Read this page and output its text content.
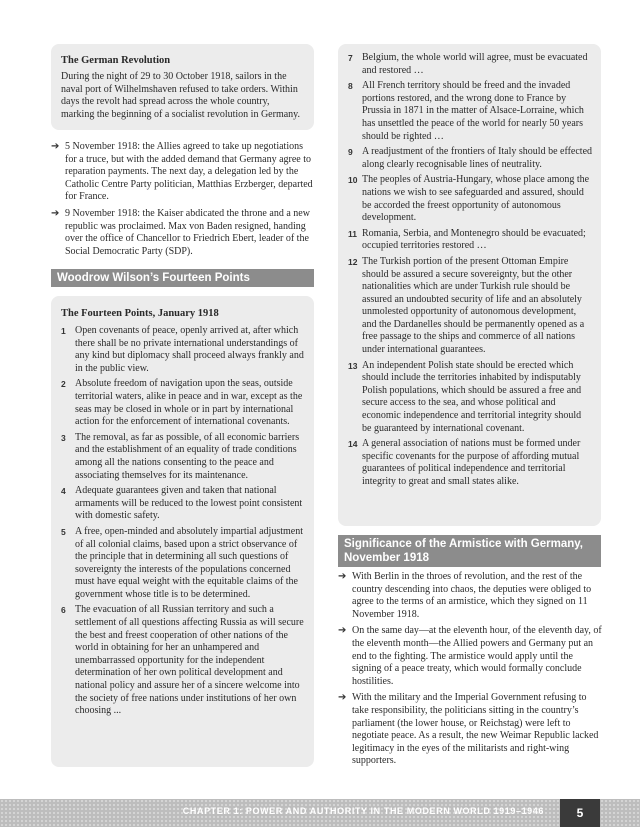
The German Revolution

During the night of 29 to 30 October 1918, sailors in the naval port of Wilhelmshaven refused to take orders. Within days the revolt had spread across the whole country, marking the beginning of a socialist revolution in Germany.

➔ 5 November 1918: the Allies agreed to take up negotiations for a truce, but with the added demand that Germany agree to reparation payments. The next day, a delegation led by the Catholic Centre Party politician, Matthias Erzberger, departed for France.
➔ 9 November 1918: the Kaiser abdicated the throne and a new republic was proclaimed. Max von Baden resigned, handing over the office of Chancellor to Friedrich Ebert, leader of the Social Democratic Party (SDP).
Woodrow Wilson’s Fourteen Points

The Fourteen Points, January 1918

1 Open covenants of peace, openly arrived at, after which there shall be no private international understandings of any kind but diplomacy shall proceed always frankly and in the public view.
2 Absolute freedom of navigation upon the seas, outside territorial waters, alike in peace and in war, except as the seas may be closed in whole or in part by international action for the enforcement of international covenants.
3 The removal, as far as possible, of all economic barriers and the establishment of an equality of trade conditions among all the nations consenting to the peace and associating themselves for its maintenance.
4 Adequate guarantees given and taken that national armaments will be reduced to the lowest point consistent with domestic safety.
5 A free, open-minded and absolutely impartial adjustment of all colonial claims, based upon a strict observance of the principle that in determining all such questions of sovereignty the interests of the populations concerned must have equal weight with the equitable claims of the government whose title is to be determined.
6 The evacuation of all Russian territory and such a settlement of all questions affecting Russia as will secure the best and freest cooperation of other nations of the world in obtaining for her an unhampered and unembarrassed opportunity for the independent determination of her own political development and national policy and assure her of a sincere welcome into the society of free nations under institutions of her own choosing ...
7 Belgium, the whole world will agree, must be evacuated and restored …
8 All French territory should be freed and the invaded portions restored, and the wrong done to France by Prussia in 1871 in the matter of Alsace-Lorraine, which has unsettled the peace of the world for nearly 50 years should be righted …
9 A readjustment of the frontiers of Italy should be effected along clearly recognisable lines of neutrality.
10 The peoples of Austria-Hungary, whose place among the nations we wish to see safeguarded and assured, should be accorded the freest opportunity of autonomous development.
11 Romania, Serbia, and Montenegro should be evacuated; occupied territories restored …
12 The Turkish portion of the present Ottoman Empire should be assured a secure sovereignty, but the other nationalities which are under Turkish rule should be assured an undoubted security of life and an absolutely unmolested opportunity of autonomous development, and the Dardanelles should be permanently opened as a free passage to the ships and commerce of all nations under international guarantees.
13 An independent Polish state should be erected which should include the territories inhabited by indisputably Polish populations, which should be assured a free and secure access to the sea, and whose political and economic independence and territorial integrity should be guaranteed by international covenant.
14 A general association of nations must be formed under specific covenants for the purpose of affording mutual guarantees of political independence and territorial integrity to great and small states alike.
Significance of the Armistice with Germany, November 1918
➔ With Berlin in the throes of revolution, and the rest of the country descending into chaos, the deputies were obliged to agree to the terms of an armistice, which they signed on 11 November 1918.
➔ On the same day—at the eleventh hour, of the eleventh day, of the eleventh month—the Allied powers and Germany put an end to the fighting. The armistice would apply until the signing of a peace treaty, which would formally conclude hostilities.
➔ With the military and the Imperial Government refusing to take responsibility, the politicians sitting in the country’s parliament (the lower house, or Reichstag) were left to negotiate peace. As a result, the new Weimar Republic lacked legitimacy in the eyes of the militarists and right-wing supporters.
CHAPTER 1: POWER AND AUTHORITY IN THE MODERN WORLD 1919–1946	5
